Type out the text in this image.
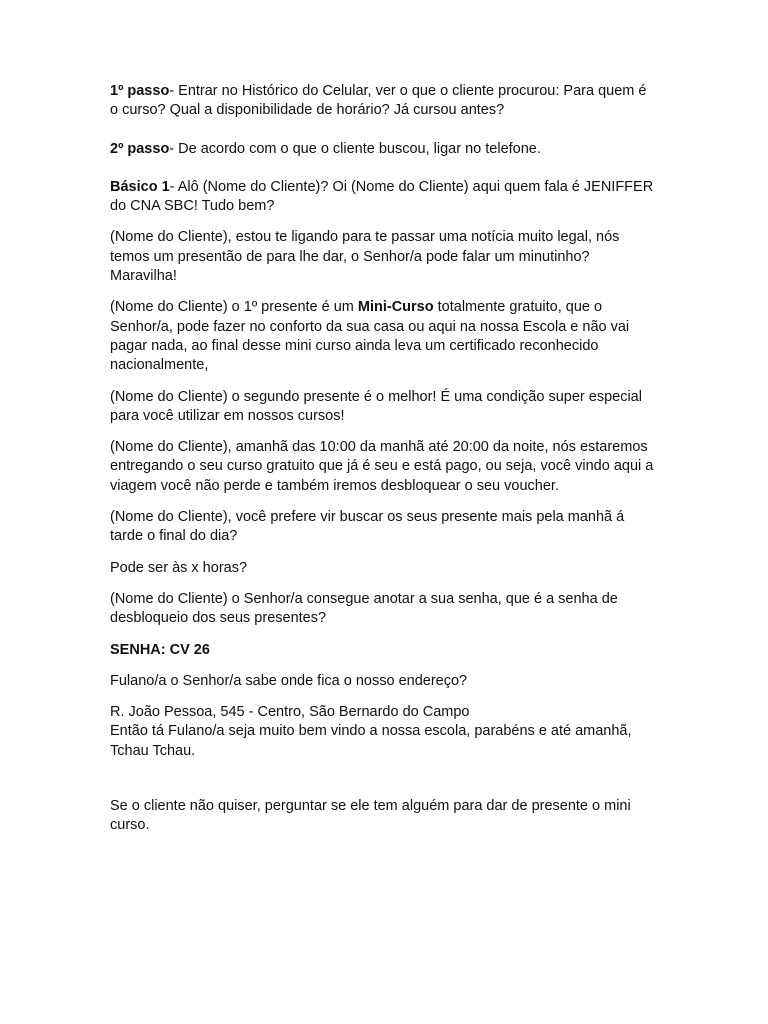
1º passo- Entrar no Histórico do Celular, ver o que o cliente procurou: Para quem é o curso? Qual a disponibilidade de horário? Já cursou antes?

2º passo- De acordo com o que o cliente buscou, ligar no telefone.

Básico 1- Alô (Nome do Cliente)? Oi (Nome do Cliente) aqui quem fala é JENIFFER do CNA SBC! Tudo bem?

(Nome do Cliente), estou te ligando para te passar uma notícia muito legal, nós temos um presentão de para lhe dar, o Senhor/a pode falar um minutinho? Maravilha!

(Nome do Cliente) o 1º presente é um Mini-Curso totalmente gratuito, que o Senhor/a, pode fazer no conforto da sua casa ou aqui na nossa Escola e não vai pagar nada, ao final desse mini curso ainda leva um certificado reconhecido nacionalmente,

(Nome do Cliente) o segundo presente é o melhor! É uma condição super especial para você utilizar em nossos cursos!

(Nome do Cliente), amanhã das 10:00 da manhã até 20:00 da noite, nós estaremos entregando o seu curso gratuito que já é seu e está pago, ou seja, você vindo aqui a viagem você não perde e também iremos desbloquear o seu voucher.

(Nome do Cliente), você prefere vir buscar os seus presente mais pela manhã á tarde o final do dia?

Pode ser às x horas?

(Nome do Cliente) o Senhor/a consegue anotar a sua senha, que é a senha de desbloqueio dos seus presentes?

SENHA: CV 26

Fulano/a o Senhor/a sabe onde fica o nosso endereço?

R. João Pessoa, 545 - Centro, São Bernardo do Campo
Então tá Fulano/a seja muito bem vindo a nossa escola, parabéns e até amanhã, Tchau Tchau.

Se o cliente não quiser, perguntar se ele tem alguém para dar de presente o mini curso.
